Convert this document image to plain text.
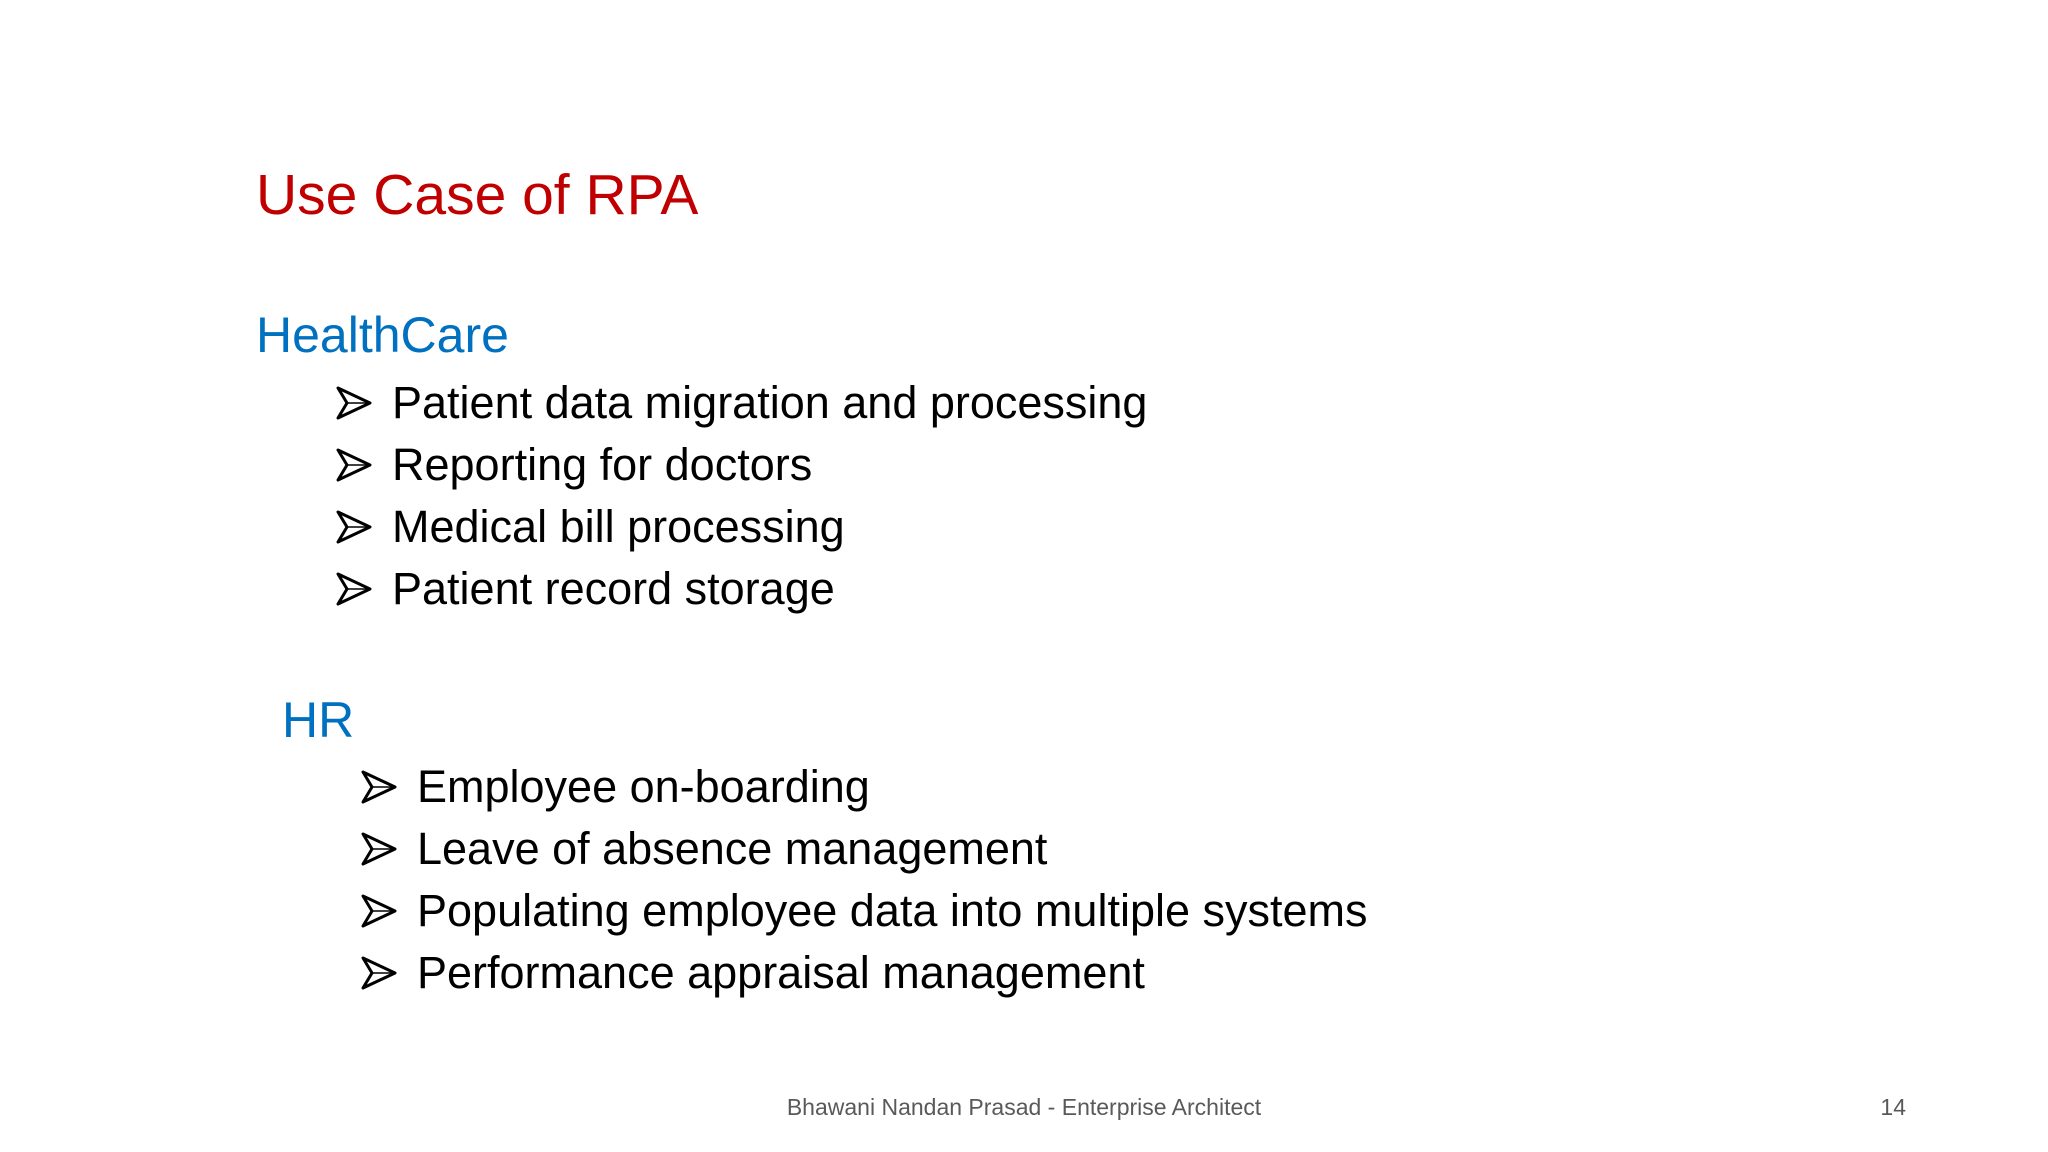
Use Case of RPA
HealthCare
Patient data migration and processing
Reporting for doctors
Medical bill processing
Patient record storage
HR
Employee on-boarding
Leave of absence management
Populating employee data into multiple systems
Performance appraisal management
Bhawani Nandan Prasad - Enterprise Architect	14
